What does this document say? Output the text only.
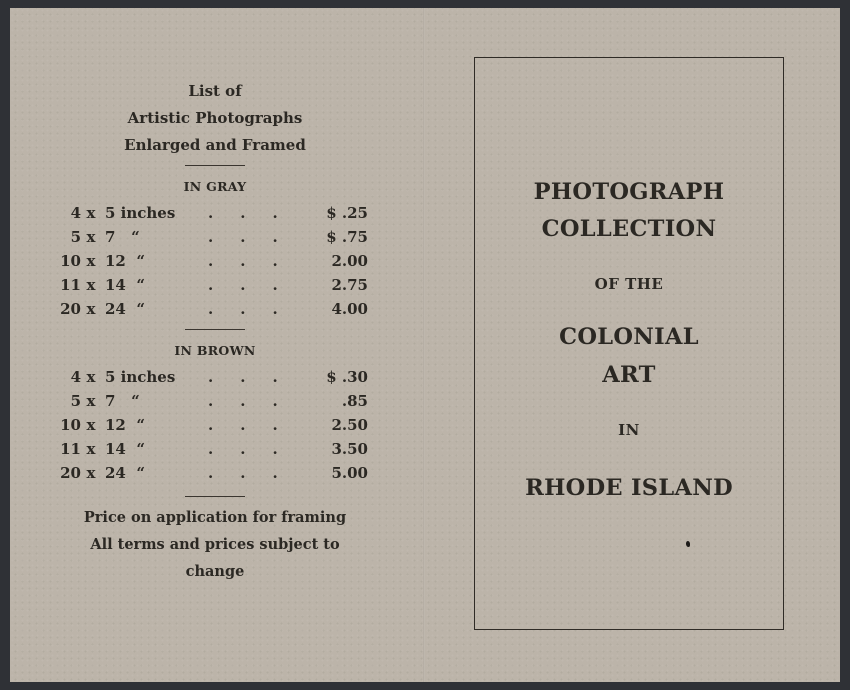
List of
Artistic Photographs
Enlarged and Framed
IN GRAY
4 x 5 inches ... $ .25
5 x 7   “	... $ .75
10 x 12  “	... 2.00
11 x 14  “	... 2.75
20 x 24  “	... 4.00
IN BROWN
4 x 5 inches ... $ .30
5 x 7   “	... .85
10 x 12  “	... 2.50
11 x 14  “	... 3.50
20 x 24  “	... 5.00
Price on application for framing
All terms and prices subject to
change
PHOTOGRAPH
COLLECTION
OF THE
COLONIAL
ART
IN
RHODE ISLAND
